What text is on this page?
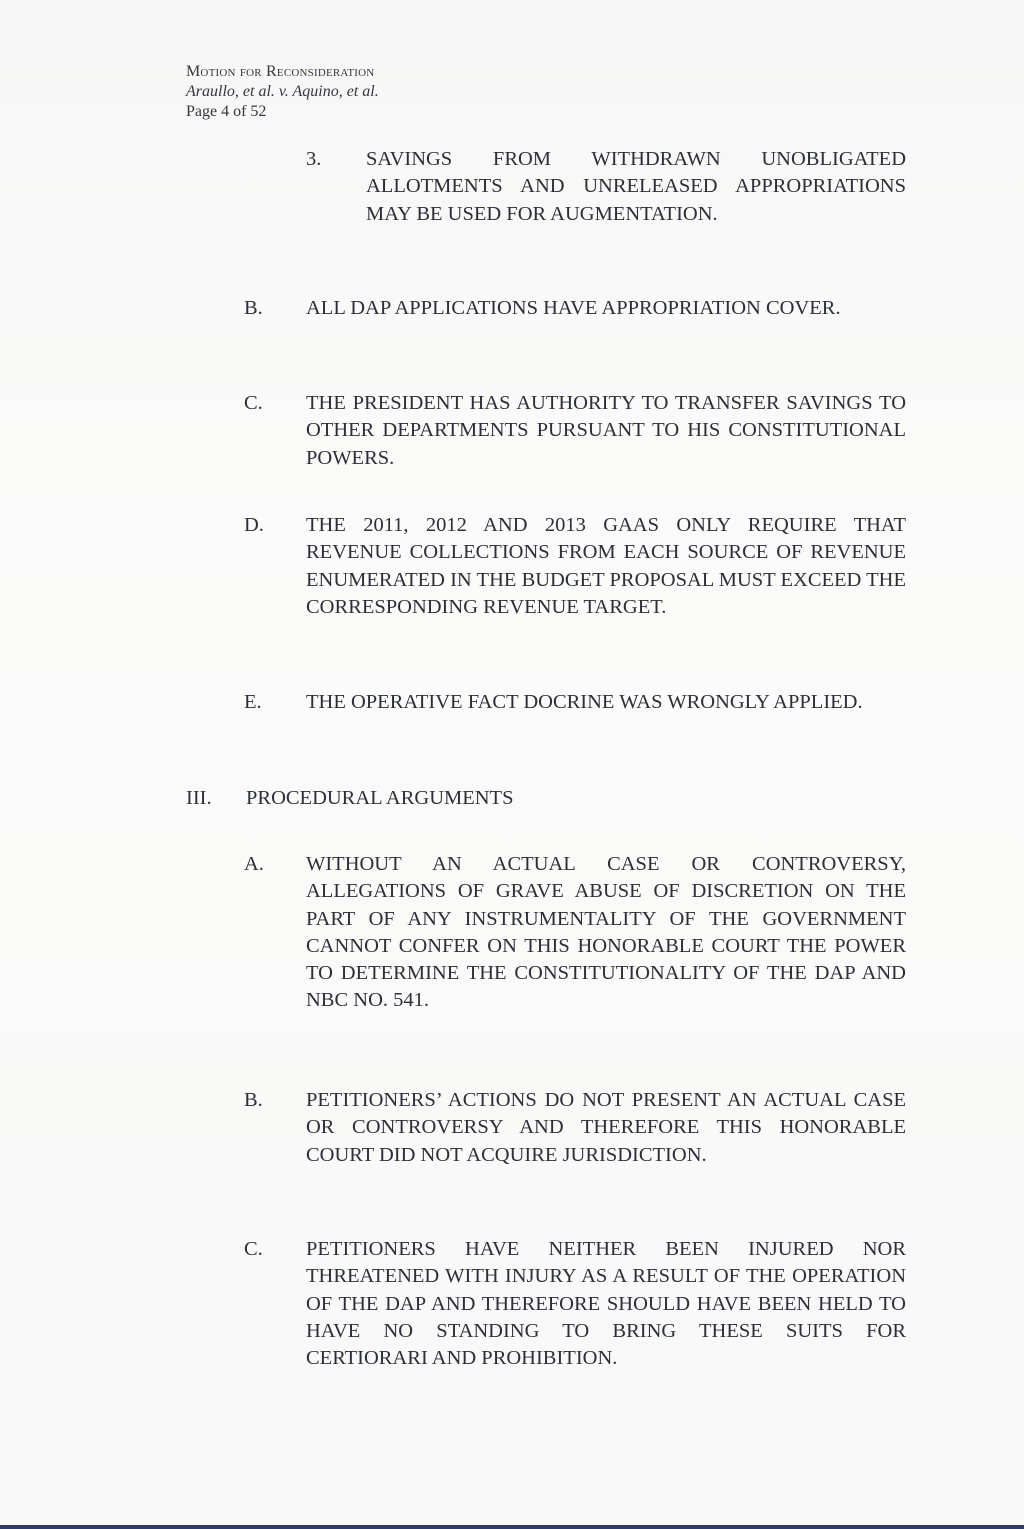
Motion for Reconsideration
Araullo, et al. v. Aquino, et al.
Page 4 of 52
3. SAVINGS FROM WITHDRAWN UNOBLIGATED ALLOTMENTS AND UNRELEASED APPROPRIATIONS MAY BE USED FOR AUGMENTATION.
B. ALL DAP APPLICATIONS HAVE APPROPRIATION COVER.
C. THE PRESIDENT HAS AUTHORITY TO TRANSFER SAVINGS TO OTHER DEPARTMENTS PURSUANT TO HIS CONSTITUTIONAL POWERS.
D. THE 2011, 2012 AND 2013 GAAS ONLY REQUIRE THAT REVENUE COLLECTIONS FROM EACH SOURCE OF REVENUE ENUMERATED IN THE BUDGET PROPOSAL MUST EXCEED THE CORRESPONDING REVENUE TARGET.
E. THE OPERATIVE FACT DOCRINE WAS WRONGLY APPLIED.
III. PROCEDURAL ARGUMENTS
A. WITHOUT AN ACTUAL CASE OR CONTROVERSY, ALLEGATIONS OF GRAVE ABUSE OF DISCRETION ON THE PART OF ANY INSTRUMENTALITY OF THE GOVERNMENT CANNOT CONFER ON THIS HONORABLE COURT THE POWER TO DETERMINE THE CONSTITUTIONALITY OF THE DAP AND NBC NO. 541.
B. PETITIONERS’ ACTIONS DO NOT PRESENT AN ACTUAL CASE OR CONTROVERSY AND THEREFORE THIS HONORABLE COURT DID NOT ACQUIRE JURISDICTION.
C. PETITIONERS HAVE NEITHER BEEN INJURED NOR THREATENED WITH INJURY AS A RESULT OF THE OPERATION OF THE DAP AND THEREFORE SHOULD HAVE BEEN HELD TO HAVE NO STANDING TO BRING THESE SUITS FOR CERTIORARI AND PROHIBITION.
